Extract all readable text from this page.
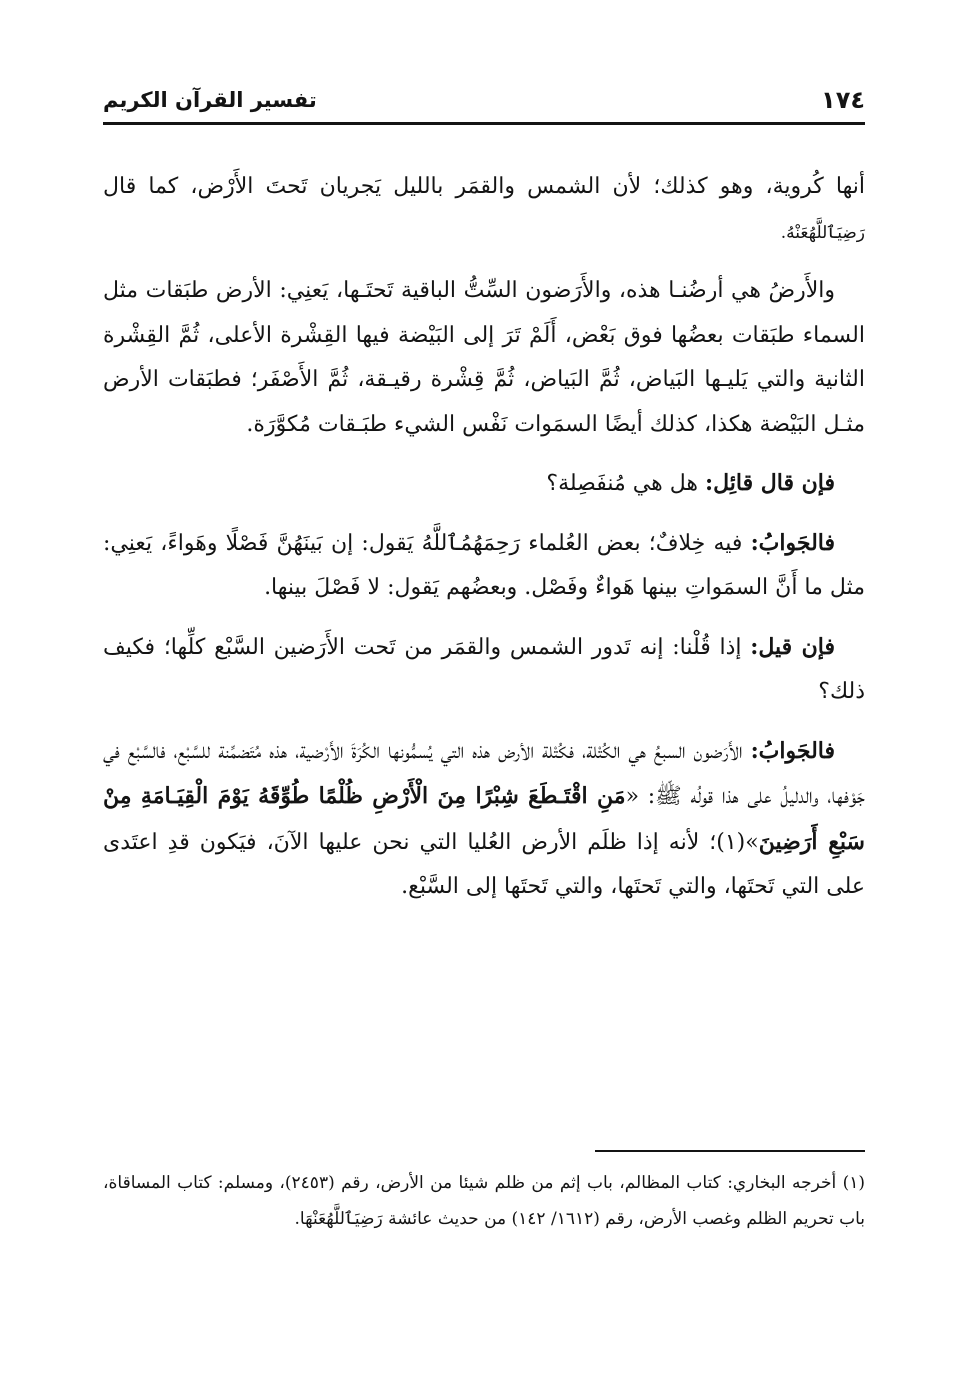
١٧٤
تفسير القرآن الكريم

أنها كُروية، وهو كذلك؛ لأن الشمس والقمَر بالليل يَجريان تَحتَ الأَرْض، كما قال رَضِيَٱللَّهُعَنْهُ.

والأَرضُ هي أرضُنـا هذه، والأَرَضون السِّتُّ الباقية تَحتَـها، يَعنِي: الأرض طبَقات مثل السماء طبَقات بعضُها فوق بَعْض، أَلَمْ تَرَ إلى البَيْضة فيها القِشْرة الأعلى، ثُمَّ القِشْرة الثانية والتي يَليـها البَياض، ثُمَّ البَياض، ثُمَّ قِشْرة رقيـقة، ثُمَّ الأَصْفَر؛ فطبَقات الأرض مثـل البَيْضة هكذا، كذلك أيضًا السمَوات نَفْس الشيء طبَـقات مُكوَّرَة.

فإن قال قائِل: هل هي مُنفَصِلة؟

فالجَوابُ: فيه خِلافٌ؛ بعض العُلماء رَحِمَهُمُٱللَّهُ يَقول: إن بَينَهُنَّ فَصْلًا وهَواءً، يَعنِي: مثل ما أَنَّ السمَواتِ بينها هَواءٌ وفَصْل. وبعضُهم يَقول: لا فَصْلَ بينها.

فإن قيل: إذا قُلْنا: إنه تَدور الشمس والقمَر من تَحت الأَرَضين السَّبْع كلِّها؛ فكيف ذلك؟

فالجَوابُ: الأَرَضون السبعُ هي الكُتْلة، فكُتْلة الأرض هذه التي يُسمُّونها الكُرَةَ الأَرْضية، هذه مُتَضمِّنة للسَّبْع، فالسَّبْع في جَوْفها، والدليلُ على هذا قولُه ﷺ: «مَنِ اقْتَـطَعَ شِبْرًا مِنَ الْأَرْضِ ظُلْمًا طُوِّقَهُ يَوْمَ الْقِيَـامَةِ مِنْ سَبْعِ أَرَضِينَ»(١)؛ لأنه إذا ظلَم الأرض العُليا التي نحن عليها الآنَ، فيَكون قدِ اعتَدى على التي تَحتَها، والتي تَحتَها، والتي تَحتَها إلى السَّبْع.

(١) أخرجه البخاري: كتاب المظالم، باب إثم من ظلم شيئا من الأرض، رقم (٢٤٥٣)، ومسلم: كتاب المساقاة، باب تحريم الظلم وغصب الأرض، رقم (١٦١٢/ ١٤٢) من حديث عائشة رَضِيَٱللَّهُعَنْهَا.
